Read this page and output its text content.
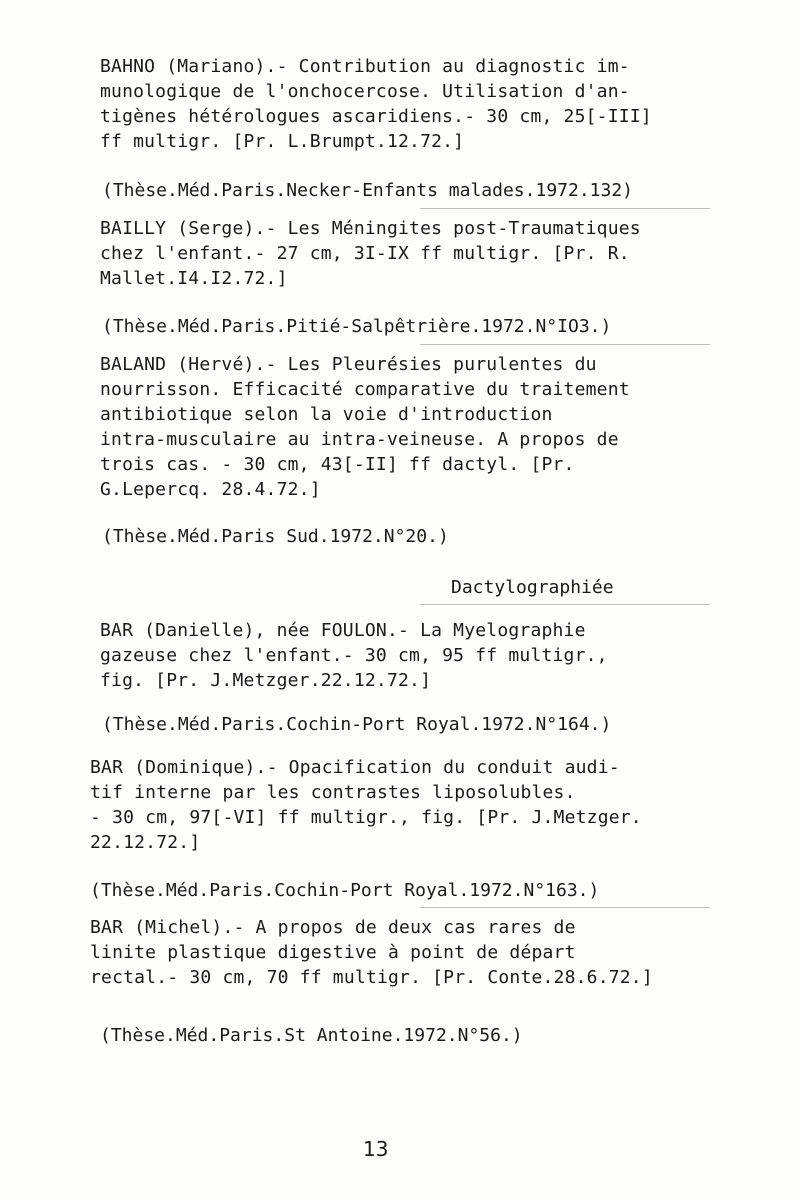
BAHNO (Mariano).- Contribution au diagnostic im-
munologique de l'onchocercose. Utilisation d'an-
tigènes hétérologues ascaridiens.- 30 cm, 25[-III]
ff multigr. [Pr. L.Brumpt.12.72.]
(Thèse.Méd.Paris.Necker-Enfants malades.1972.132)
BAILLY (Serge).- Les Méningites post-Traumatiques
chez l'enfant.- 27 cm, 3I-IX ff multigr. [Pr. R.
Mallet.I4.I2.72.]
(Thèse.Méd.Paris.Pitié-Salpêtrière.1972.N°IO3.)
BALAND (Hervé).- Les Pleurésies purulentes du
nourrisson. Efficacité comparative du traitement
antibiotique selon la voie d'introduction
intra-musculaire au intra-veineuse. A propos de
trois cas. - 30 cm, 43[-II] ff dactyl. [Pr.
G.Lepercq. 28.4.72.]
(Thèse.Méd.Paris Sud.1972.N°20.)
Dactylographiée
BAR (Danielle), née FOULON.- La Myelographie
gazeuse chez l'enfant.- 30 cm, 95 ff multigr.,
fig. [Pr. J.Metzger.22.12.72.]
(Thèse.Méd.Paris.Cochin-Port Royal.1972.N°164.)
BAR (Dominique).- Opacification du conduit audi-
tif interne par les contrastes liposolubles.
- 30 cm, 97[-VI] ff multigr., fig. [Pr. J.Metzger.
22.12.72.]
(Thèse.Méd.Paris.Cochin-Port Royal.1972.N°163.)
BAR (Michel).- A propos de deux cas rares de
linite plastique digestive à point de départ
rectal.- 30 cm, 70 ff multigr. [Pr. Conte.28.6.72.]
(Thèse.Méd.Paris.St Antoine.1972.N°56.)
13
